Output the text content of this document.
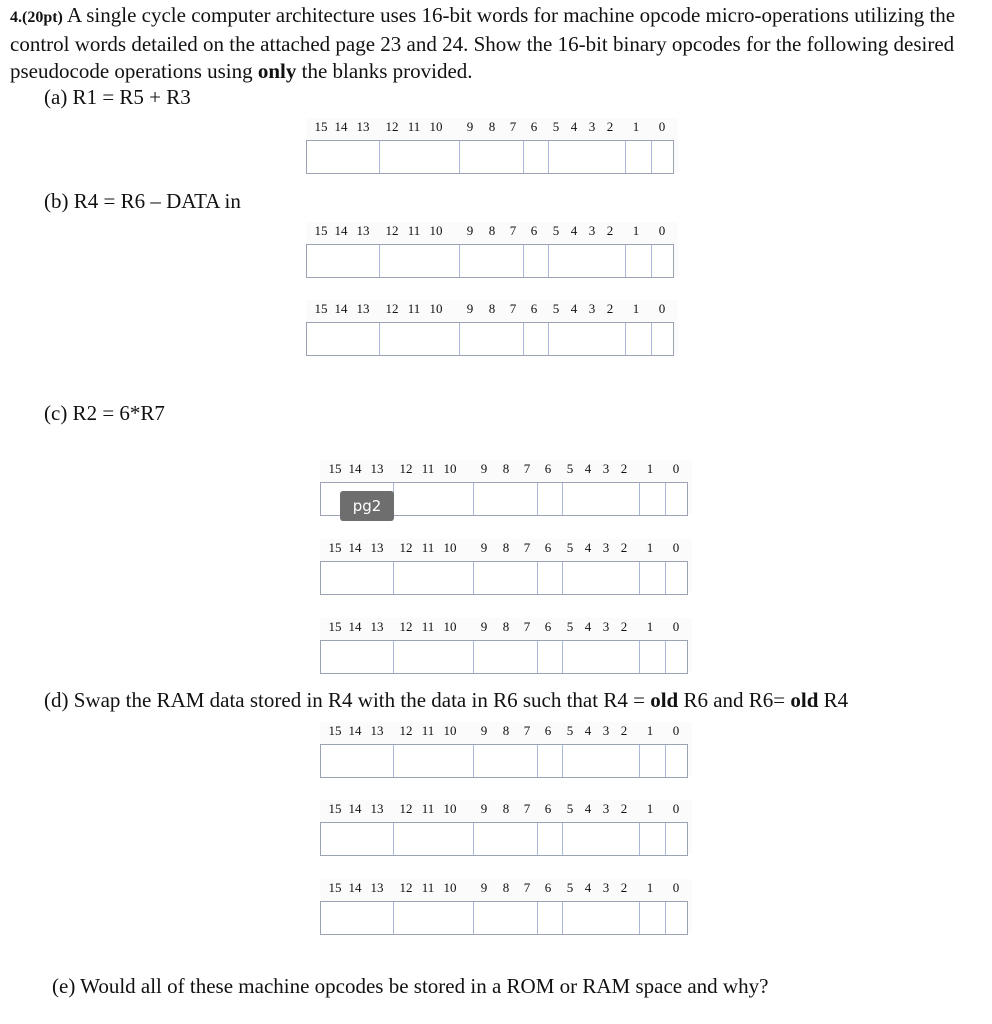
4.(20pt) A single cycle computer architecture uses 16-bit words for machine opcode micro-operations utilizing the control words detailed on the attached page 23 and 24. Show the 16-bit binary opcodes for the following desired pseudocode operations using only the blanks provided.

(a) R1 = R5 + R3
(b) R4 = R6 – DATA in
(c) R2 = 6*R7
(d) Swap the RAM data stored in R4 with the data in R6 such that R4 = old R6 and R6= old R4
(e) Would all of these machine opcodes be stored in a ROM or RAM space and why?
15 14 13 12 11 10 9 8 7 6 5 4 3 2 1 0
15 14 13 12 11 10 9 8 7 6 5 4 3 2 1 0
15 14 13 12 11 10 9 8 7 6 5 4 3 2 1 0
15 14 13 12 11 10 9 8 7 6 5 4 3 2 1 0
15 14 13 12 11 10 9 8 7 6 5 4 3 2 1 0
15 14 13 12 11 10 9 8 7 6 5 4 3 2 1 0
15 14 13 12 11 10 9 8 7 6 5 4 3 2 1 0
15 14 13 12 11 10 9 8 7 6 5 4 3 2 1 0
15 14 13 12 11 10 9 8 7 6 5 4 3 2 1 0
pg2
